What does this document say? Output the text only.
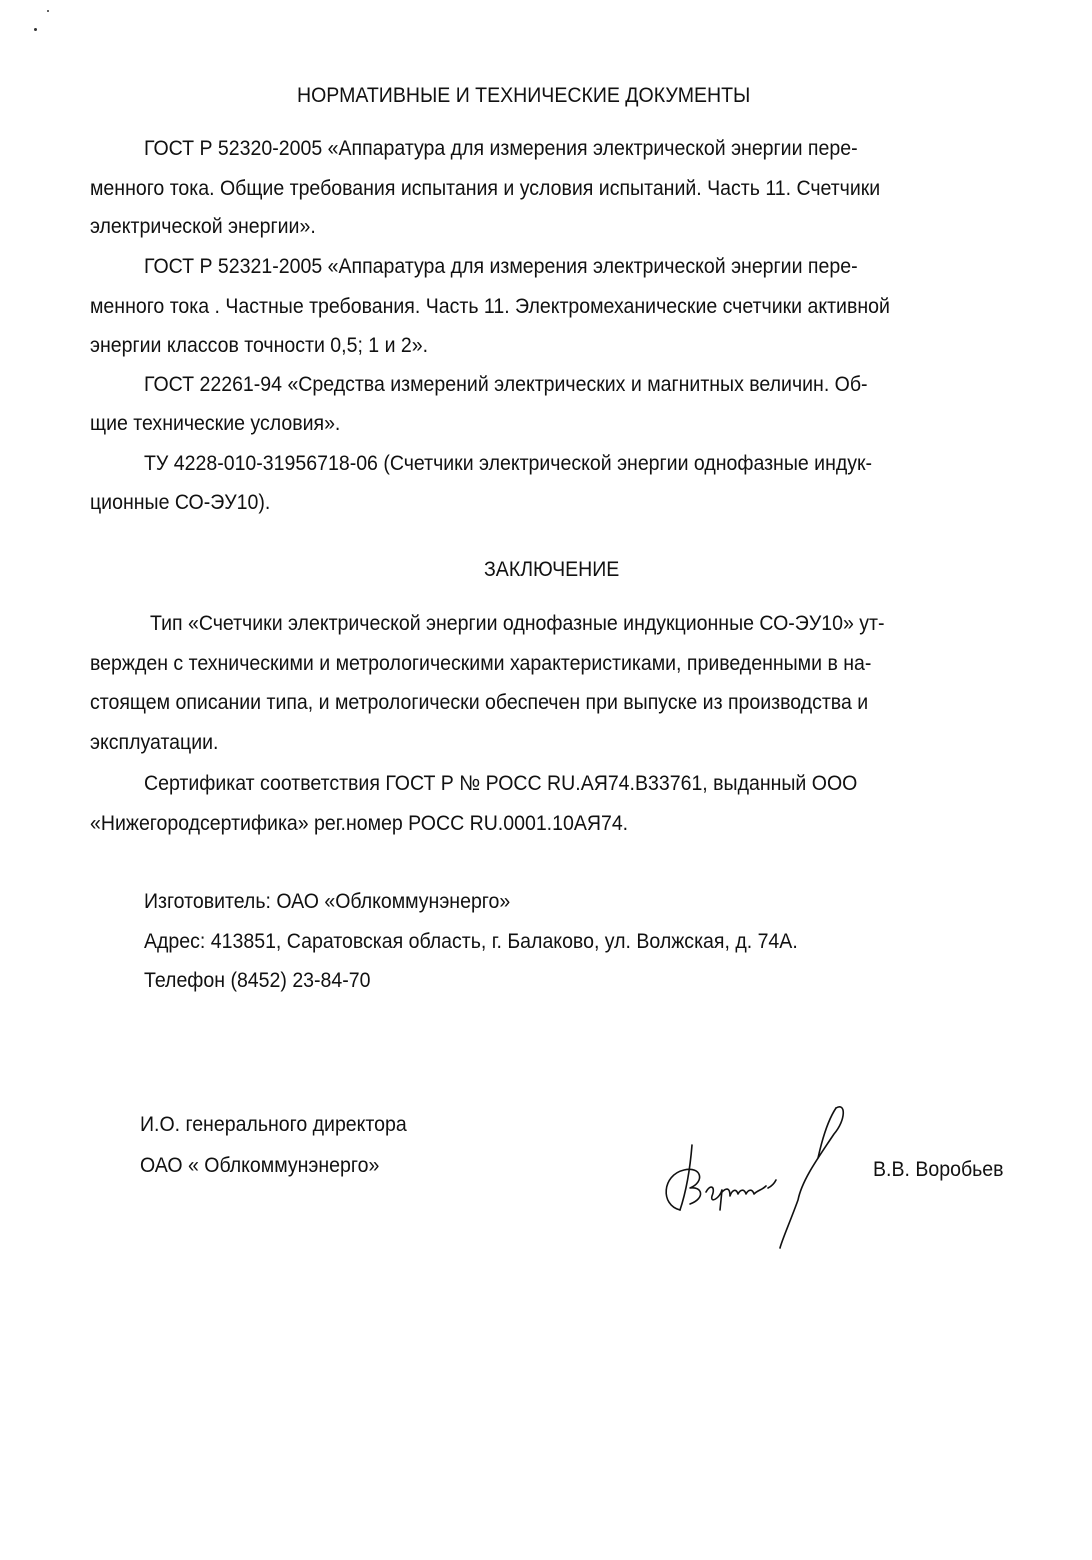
НОРМАТИВНЫЕ И ТЕХНИЧЕСКИЕ ДОКУМЕНТЫ
ГОСТ Р 52320-2005 «Аппаратура для измерения электрической энергии пере-
менного тока. Общие требования испытания и условия испытаний. Часть 11. Счетчики
электрической энергии».
ГОСТ Р 52321-2005 «Аппаратура для измерения электрической энергии пере-
менного тока . Частные требования. Часть 11. Электромеханические счетчики активной
энергии классов точности 0,5; 1 и 2».
ГОСТ 22261-94 «Средства измерений электрических и магнитных величин. Об-
щие технические условия».
ТУ 4228-010-31956718-06 (Счетчики электрической энергии однофазные индук-
ционные СО-ЭУ10).
ЗАКЛЮЧЕНИЕ
Тип «Счетчики электрической энергии однофазные индукционные СО-ЭУ10» ут-
вержден с техническими и метрологическими характеристиками, приведенными в на-
стоящем описании типа, и метрологически обеспечен при выпуске из производства и
эксплуатации.
Сертификат соответствия ГОСТ Р № РОСС RU.АЯ74.В33761, выданный ООО
«Нижегородсертифика» рег.номер РОСС RU.0001.10АЯ74.
Изготовитель: ОАО «Облкоммунэнерго»
Адрес: 413851, Саратовская область, г. Балаково, ул. Волжская, д. 74А.
Телефон (8452) 23-84-70
И.О. генерального директора
ОАО « Облкоммунэнерго»	В.В. Воробьев
